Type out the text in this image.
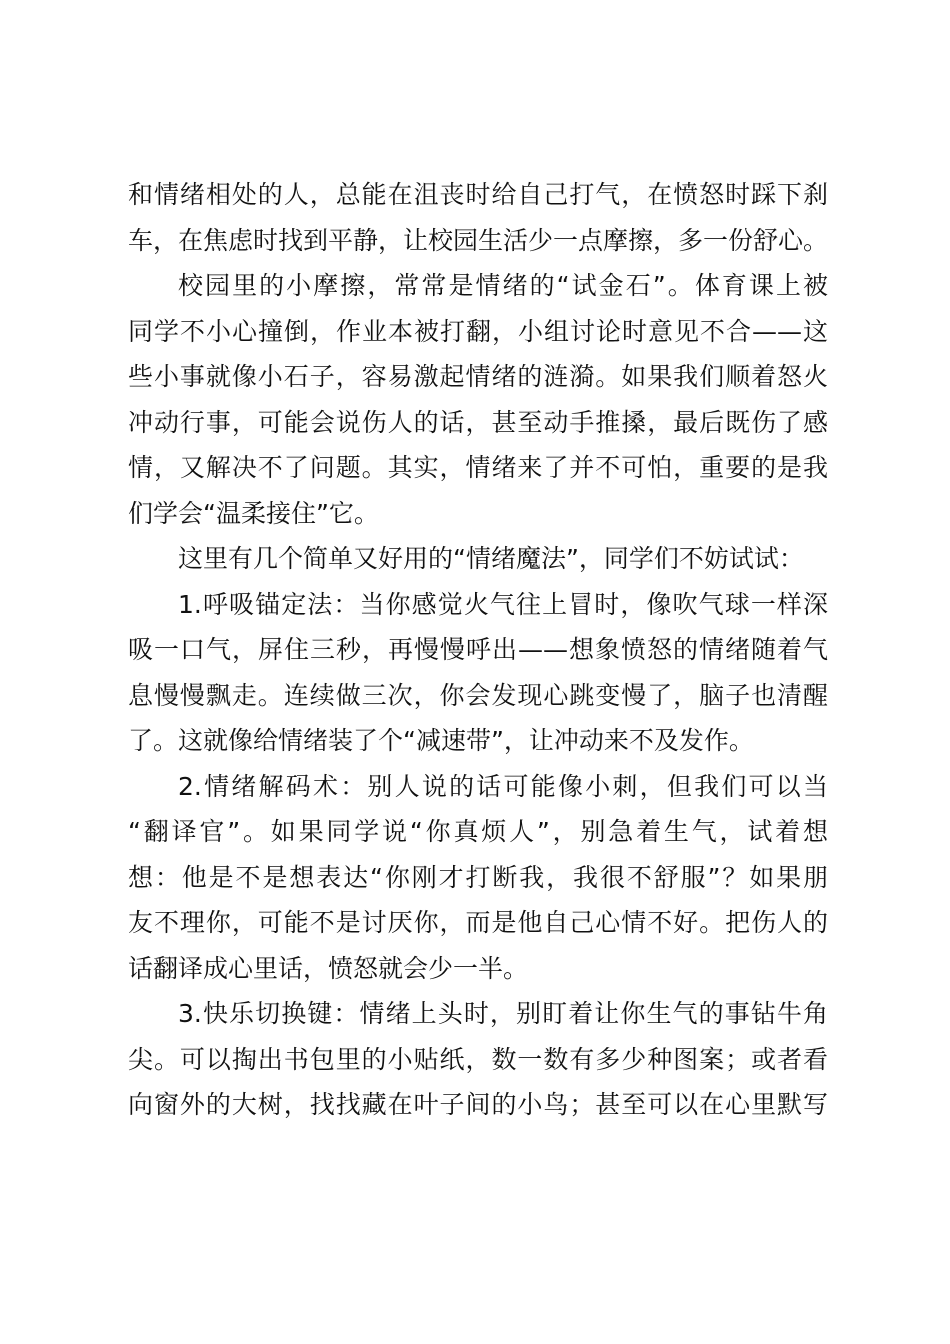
和情绪相处的人，总能在沮丧时给自己打气，在愤怒时踩下刹
车，在焦虑时找到平静，让校园生活少一点摩擦，多一份舒心。
校园里的小摩擦，常常是情绪的“试金石”。体育课上被
同学不小心撞倒，作业本被打翻，小组讨论时意见不合——这
些小事就像小石子，容易激起情绪的涟漪。如果我们顺着怒火
冲动行事，可能会说伤人的话，甚至动手推搡，最后既伤了感
情，又解决不了问题。其实，情绪来了并不可怕，重要的是我
们学会“温柔接住”它。
这里有几个简单又好用的“情绪魔法”，同学们不妨试试：
1.呼吸锚定法：当你感觉火气往上冒时，像吹气球一样深
吸一口气，屏住三秒，再慢慢呼出——想象愤怒的情绪随着气
息慢慢飘走。连续做三次，你会发现心跳变慢了，脑子也清醒
了。这就像给情绪装了个“减速带”，让冲动来不及发作。
2.情绪解码术：别人说的话可能像小刺，但我们可以当
“翻译官”。如果同学说“你真烦人”，别急着生气，试着想
想：他是不是想表达“你刚才打断我，我很不舒服”？如果朋
友不理你，可能不是讨厌你，而是他自己心情不好。把伤人的
话翻译成心里话，愤怒就会少一半。
3.快乐切换键：情绪上头时，别盯着让你生气的事钻牛角
尖。可以掏出书包里的小贴纸，数一数有多少种图案；或者看
向窗外的大树，找找藏在叶子间的小鸟；甚至可以在心里默写
